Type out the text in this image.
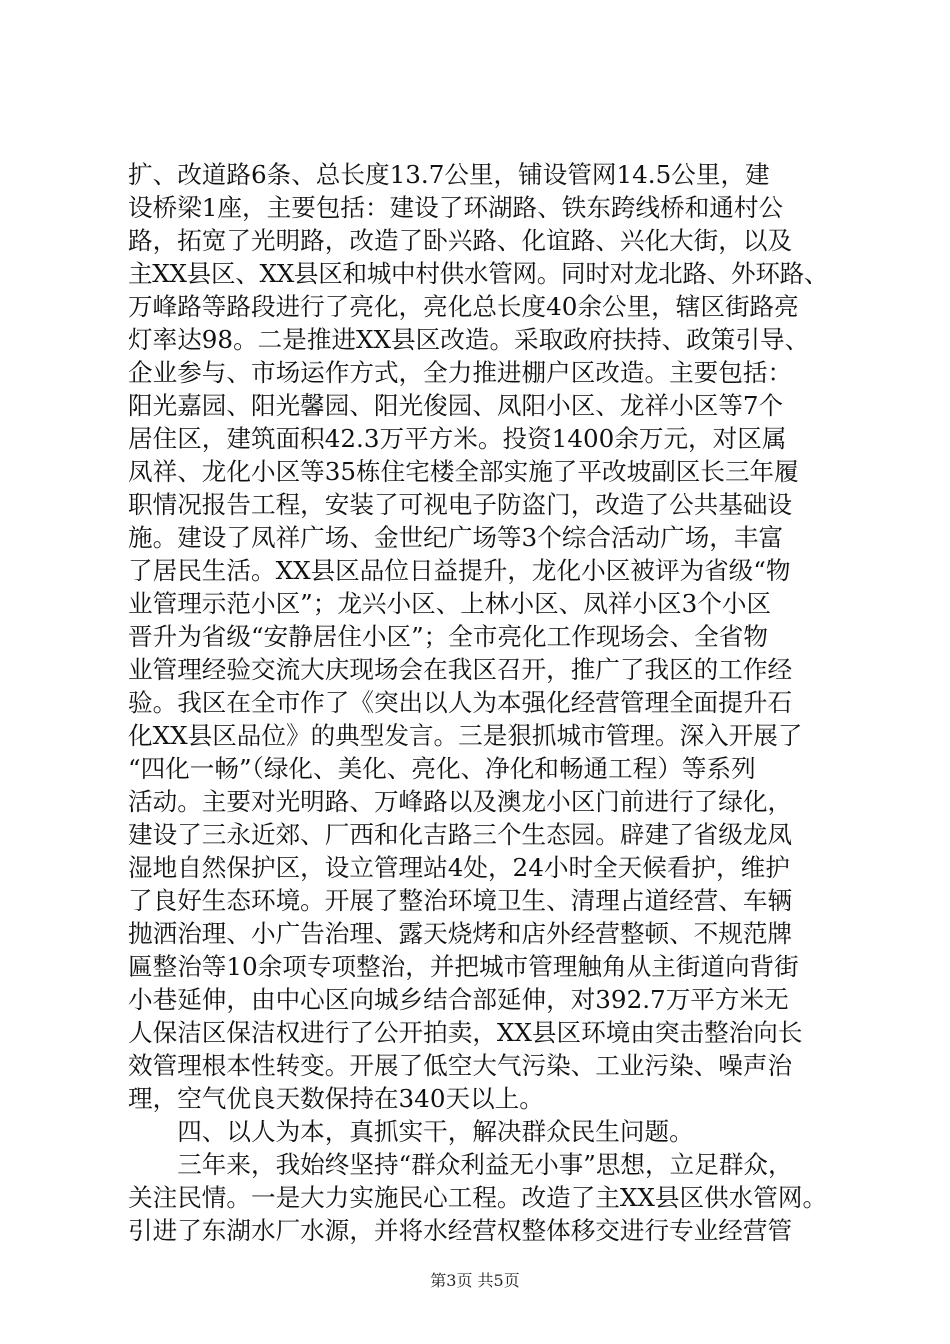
扩、改道路6条、总长度13.7公里，铺设管网14.5公里，建
设桥梁1座，主要包括：建设了环湖路、铁东跨线桥和通村公
路，拓宽了光明路，改造了卧兴路、化谊路、兴化大街，以及
主XX县区、XX县区和城中村供水管网。同时对龙北路、外环路、
万峰路等路段进行了亮化，亮化总长度40余公里，辖区街路亮
灯率达98。二是推进XX县区改造。采取政府扶持、政策引导、
企业参与、市场运作方式，全力推进棚户区改造。主要包括：
阳光嘉园、阳光馨园、阳光俊园、凤阳小区、龙祥小区等7个
居住区，建筑面积42.3万平方米。投资1400余万元，对区属
凤祥、龙化小区等35栋住宅楼全部实施了平改坡副区长三年履
职情况报告工程，安装了可视电子防盗门，改造了公共基础设
施。建设了凤祥广场、金世纪广场等3个综合活动广场，丰富
了居民生活。XX县区品位日益提升，龙化小区被评为省级“物
业管理示范小区”；龙兴小区、上林小区、凤祥小区3个小区
晋升为省级“安静居住小区”；全市亮化工作现场会、全省物
业管理经验交流大庆现场会在我区召开，推广了我区的工作经
验。我区在全市作了《突出以人为本强化经营管理全面提升石
化XX县区品位》的典型发言。三是狠抓城市管理。深入开展了
“四化一畅”（绿化、美化、亮化、净化和畅通工程）等系列
活动。主要对光明路、万峰路以及澳龙小区门前进行了绿化，
建设了三永近郊、厂西和化吉路三个生态园。辟建了省级龙凤
湿地自然保护区，设立管理站4处，24小时全天候看护，维护
了良好生态环境。开展了整治环境卫生、清理占道经营、车辆
抛洒治理、小广告治理、露天烧烤和店外经营整顿、不规范牌
匾整治等10余项专项整治，并把城市管理触角从主街道向背街
小巷延伸，由中心区向城乡结合部延伸，对392.7万平方米无
人保洁区保洁权进行了公开拍卖，XX县区环境由突击整治向长
效管理根本性转变。开展了低空大气污染、工业污染、噪声治
理，空气优良天数保持在340天以上。
　　四、以人为本，真抓实干，解决群众民生问题。
　　三年来，我始终坚持“群众利益无小事”思想，立足群众，
关注民情。一是大力实施民心工程。改造了主XX县区供水管网。
引进了东湖水厂水源，并将水经营权整体移交进行专业经营管
第3页 共5页
